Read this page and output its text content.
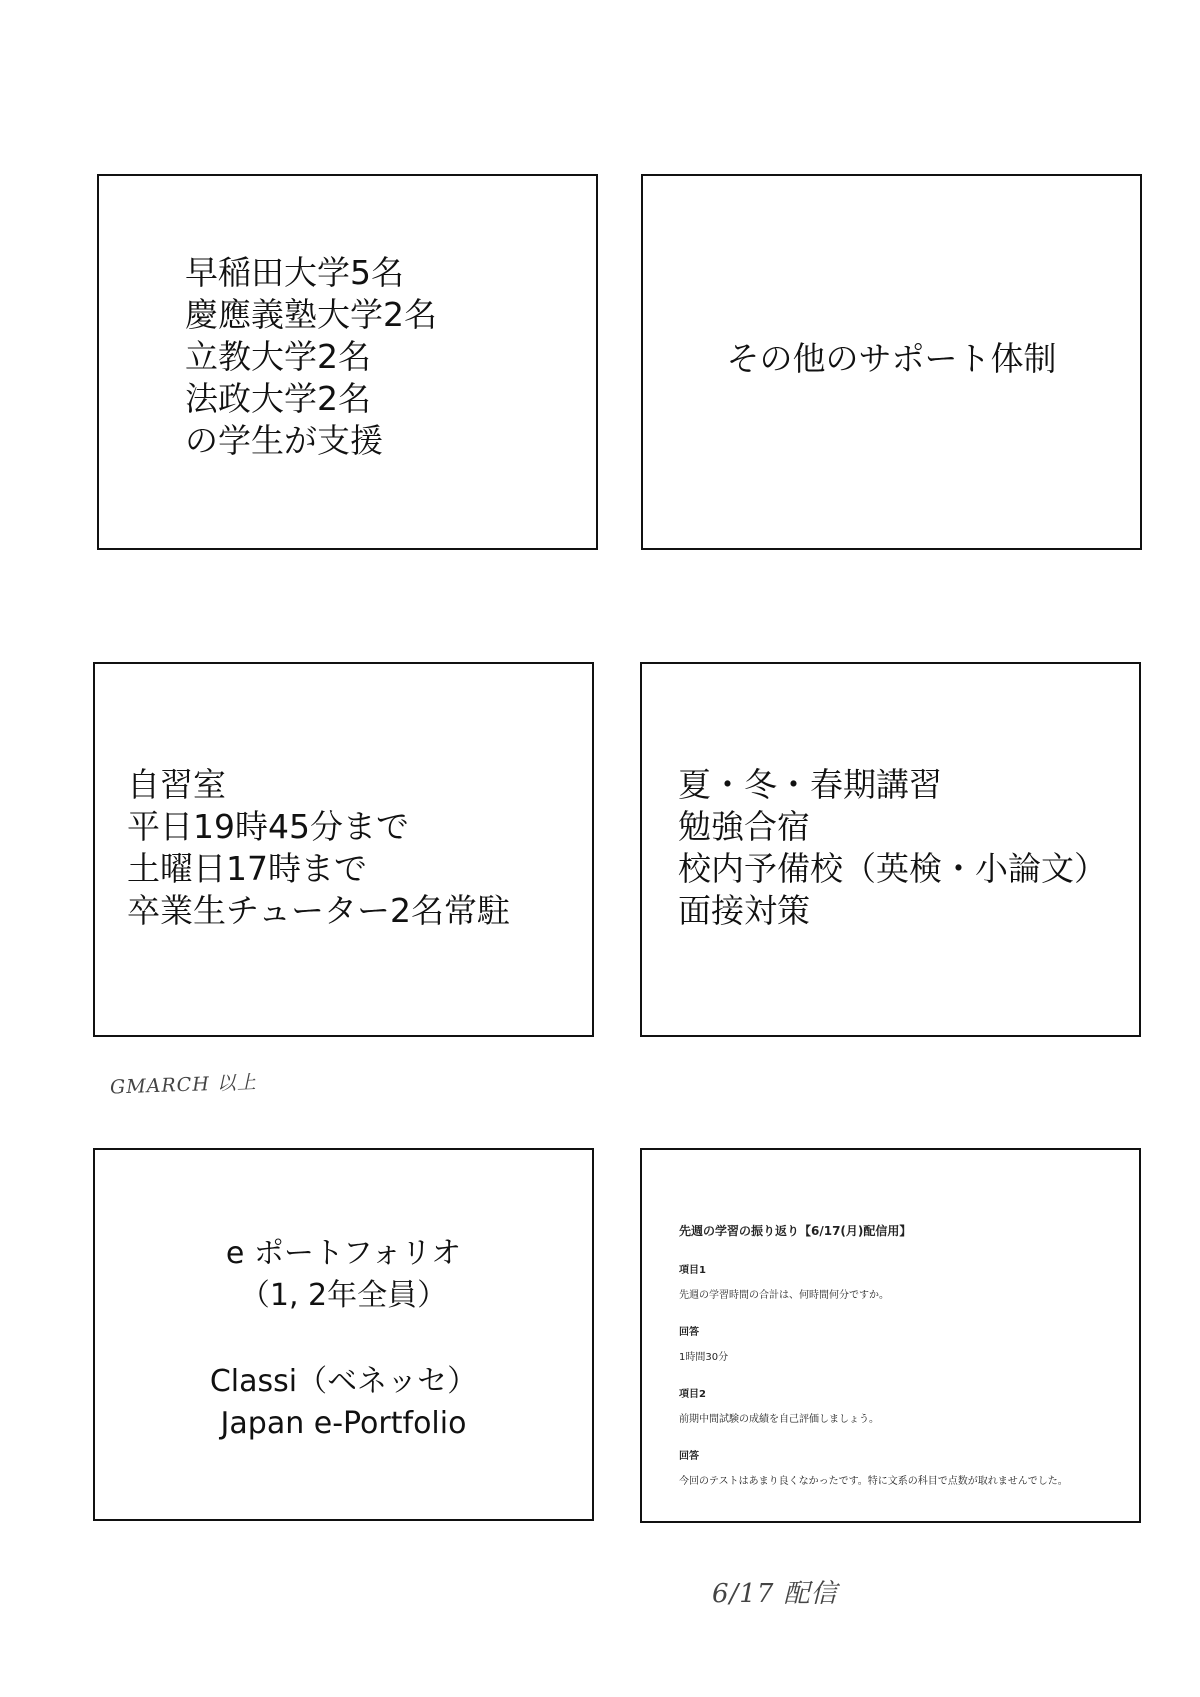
早稲田大学5名
慶應義塾大学2名
立教大学2名
法政大学2名
の学生が支援
その他のサポート体制
自習室
平日19時45分まで
土曜日17時まで
卒業生チューター2名常駐
夏・冬・春期講習
勉強合宿
校内予備校（英検・小論文）
面接対策
e ポートフォリオ
（1, 2年全員）
Classi（ベネッセ）
Japan e-Portfolio
先週の学習の振り返り【6/17(月)配信用】
項目1
先週の学習時間の合計は、何時間何分ですか。
回答
1時間30分
項目2
前期中間試験の成績を自己評価しましょう。
回答
今回のテストはあまり良くなかったです。特に文系の科目で点数が取れませんでした。
GMARCH 以上
6/17 配信
